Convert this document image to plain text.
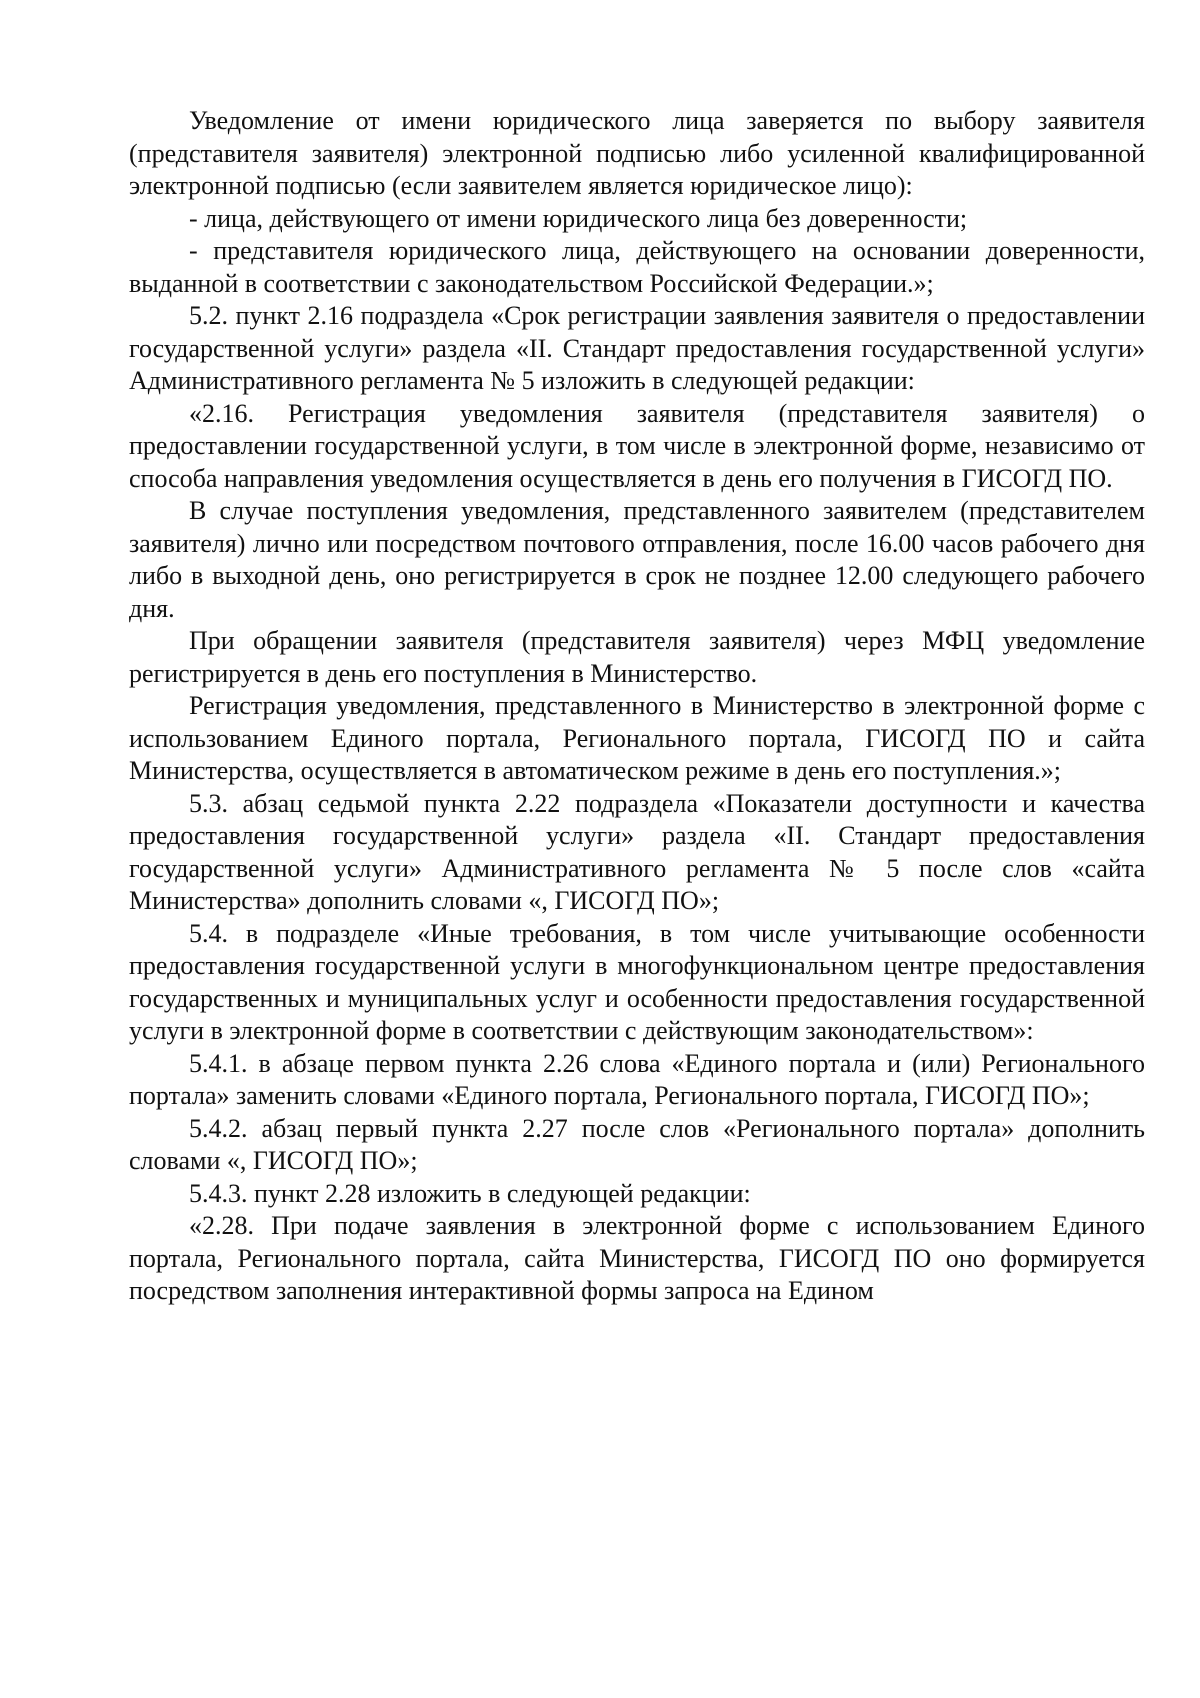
Уведомление от имени юридического лица заверяется по выбору заявителя (представителя заявителя) электронной подписью либо усиленной квалифицированной электронной подписью (если заявителем является юридическое лицо):

- лица, действующего от имени юридического лица без доверенности;

- представителя юридического лица, действующего на основании доверенности, выданной в соответствии с законодательством Российской Федерации.»;

5.2. пункт 2.16 подраздела «Срок регистрации заявления заявителя о предоставлении государственной услуги» раздела «II. Стандарт предоставления государственной услуги» Административного регламента № 5 изложить в следующей редакции:

«2.16. Регистрация уведомления заявителя (представителя заявителя) о предоставлении государственной услуги, в том числе в электронной форме, независимо от способа направления уведомления осуществляется в день его получения в ГИСОГД ПО.

В случае поступления уведомления, представленного заявителем (представителем заявителя) лично или посредством почтового отправления, после 16.00 часов рабочего дня либо в выходной день, оно регистрируется в срок не позднее 12.00 следующего рабочего дня.

При обращении заявителя (представителя заявителя) через МФЦ уведомление регистрируется в день его поступления в Министерство.

Регистрация уведомления, представленного в Министерство в электронной форме с использованием Единого портала, Регионального портала, ГИСОГД ПО и сайта Министерства, осуществляется в автоматическом режиме в день его поступления.»;

5.3. абзац седьмой пункта 2.22 подраздела «Показатели доступности и качества предоставления государственной услуги» раздела «II. Стандарт предоставления государственной услуги» Административного регламента № 5 после слов «сайта Министерства» дополнить словами «, ГИСОГД ПО»;

5.4. в подразделе «Иные требования, в том числе учитывающие особенности предоставления государственной услуги в многофункциональном центре предоставления государственных и муниципальных услуг и особенности предоставления государственной услуги в электронной форме в соответствии с действующим законодательством»:

5.4.1. в абзаце первом пункта 2.26 слова «Единого портала и (или) Регионального портала» заменить словами «Единого портала, Регионального портала, ГИСОГД ПО»;

5.4.2. абзац первый пункта 2.27 после слов «Регионального портала» дополнить словами «, ГИСОГД ПО»;

5.4.3. пункт 2.28 изложить в следующей редакции:

«2.28. При подаче заявления в электронной форме с использованием Единого портала, Регионального портала, сайта Министерства, ГИСОГД ПО оно формируется посредством заполнения интерактивной формы запроса на Едином
